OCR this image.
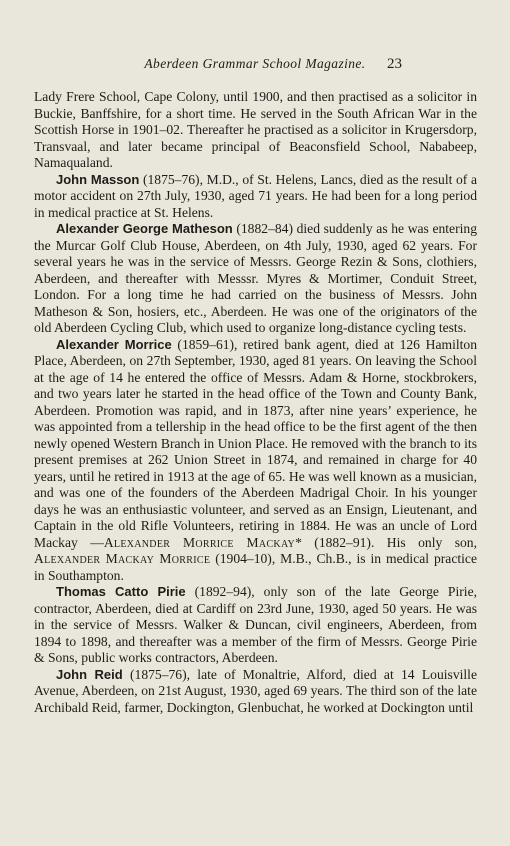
Aberdeen Grammar School Magazine.	23

Lady Frere School, Cape Colony, until 1900, and then practised as a solicitor in Buckie, Banffshire, for a short time. He served in the South African War in the Scottish Horse in 1901–02. Thereafter he practised as a solicitor in Krugersdorp, Transvaal, and later became principal of Beaconsfield School, Nababeep, Namaqualand.

John Masson (1875–76), M.D., of St. Helens, Lancs, died as the result of a motor accident on 27th July, 1930, aged 71 years. He had been for a long period in medical practice at St. Helens.

Alexander George Matheson (1882–84) died suddenly as he was entering the Murcar Golf Club House, Aberdeen, on 4th July, 1930, aged 62 years. For several years he was in the service of Messrs. George Rezin & Sons, clothiers, Aberdeen, and thereafter with Messsr. Myres & Mortimer, Conduit Street, London. For a long time he had carried on the business of Messrs. John Matheson & Son, hosiers, etc., Aberdeen. He was one of the originators of the old Aberdeen Cycling Club, which used to organize long-distance cycling tests.

Alexander Morrice (1859–61), retired bank agent, died at 126 Hamilton Place, Aberdeen, on 27th September, 1930, aged 81 years. On leaving the School at the age of 14 he entered the office of Messrs. Adam & Horne, stockbrokers, and two years later he started in the head office of the Town and County Bank, Aberdeen. Promotion was rapid, and in 1873, after nine years’ experience, he was appointed from a tellership in the head office to be the first agent of the then newly opened Western Branch in Union Place. He removed with the branch to its present premises at 262 Union Street in 1874, and remained in charge for 40 years, until he retired in 1913 at the age of 65. He was well known as a musician, and was one of the founders of the Aberdeen Madrigal Choir. In his younger days he was an enthusiastic volunteer, and served as an Ensign, Lieutenant, and Captain in the old Rifle Volunteers, retiring in 1884. He was an uncle of Lord Mackay —Alexander Morrice Mackay* (1882–91). His only son, Alexander Mackay Morrice (1904–10), M.B., Ch.B., is in medical practice in Southampton.

Thomas Catto Pirie (1892–94), only son of the late George Pirie, contractor, Aberdeen, died at Cardiff on 23rd June, 1930, aged 50 years. He was in the service of Messrs. Walker & Duncan, civil engineers, Aberdeen, from 1894 to 1898, and thereafter was a member of the firm of Messrs. George Pirie & Sons, public works contractors, Aberdeen.

John Reid (1875–76), late of Monaltrie, Alford, died at 14 Louisville Avenue, Aberdeen, on 21st August, 1930, aged 69 years. The third son of the late Archibald Reid, farmer, Dockington, Glenbuchat, he worked at Dockington until
